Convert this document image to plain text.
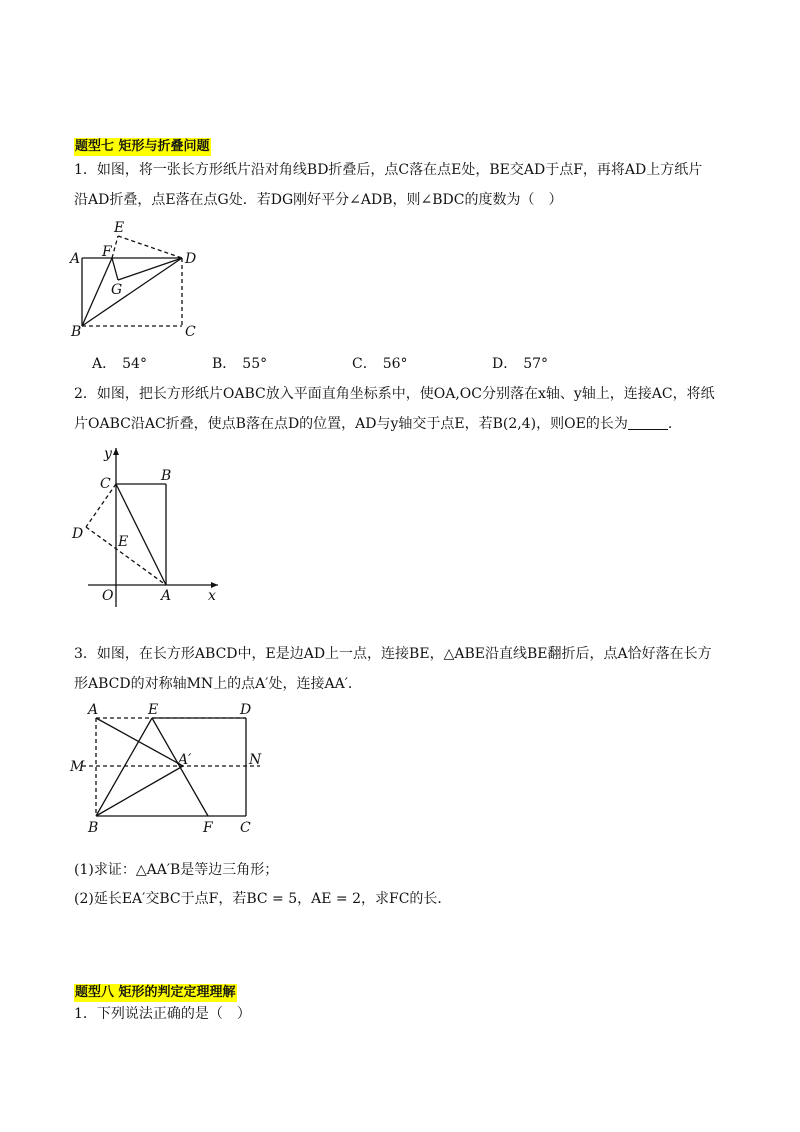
题型七 矩形与折叠问题
1．如图，将一张长方形纸片沿对角线BD折叠后，点C落在点E处，BE交AD于点F，再将AD上方纸片
沿AD折叠，点E落在点G处．若DG刚好平分∠ADB，则∠BDC的度数为（　）
A F
E
D
G
B	C
A． 54°	B． 55°	C． 56°	D． 57°
2．如图，把长方形纸片OABC放入平面直角坐标系中，使OA,OC分别落在x轴、y轴上，连接AC，将纸
片OABC沿AC折叠，使点B落在点D的位置，AD与y轴交于点E，若B(2,4)，则OE的长为	.
y
C	B
D E
O	A	x
3．如图，在长方形ABCD中，E是边AD上一点，连接BE，△ABE沿直线BE翻折后，点A恰好落在长方
形ABCD的对称轴MN上的点A′处，连接AA′．
A	E	D
M	A′	N
B	F C
(1)求证：△AA′B是等边三角形；
(2)延长EA′交BC于点F，若BC = 5，AE = 2，求FC的长．
题型八 矩形的判定定理理解
1．下列说法正确的是（　）
